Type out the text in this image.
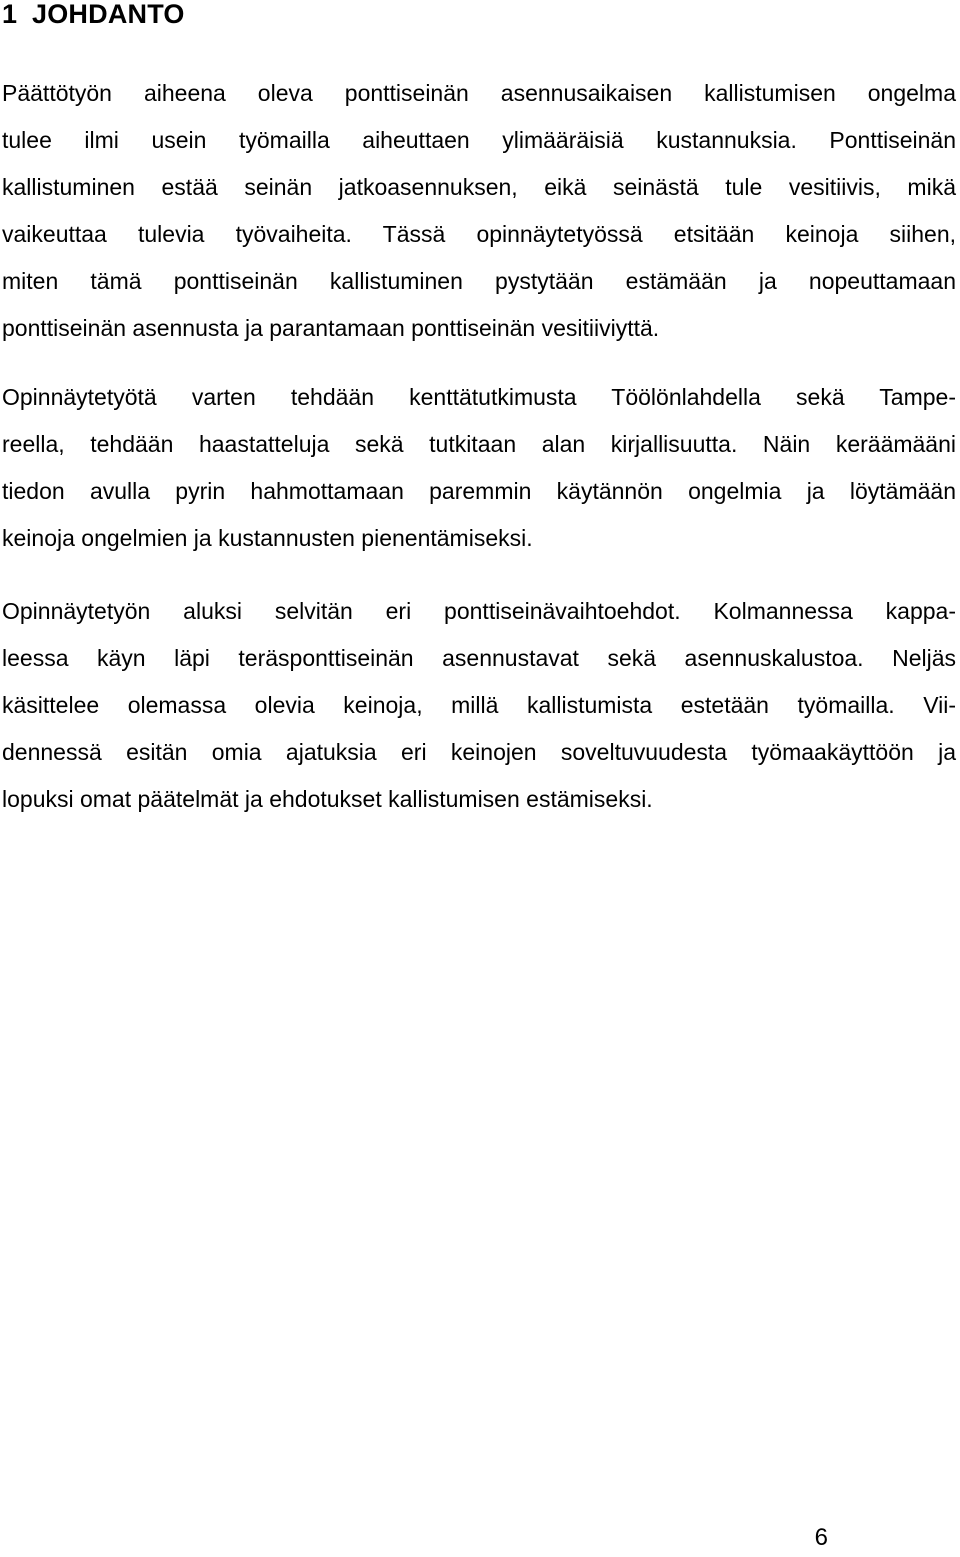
1 JOHDANTO
Päättötyön aiheena oleva ponttiseinän asennusaikaisen kallistumisen ongelma
tulee ilmi usein työmailla aiheuttaen ylimääräisiä kustannuksia. Ponttiseinän
kallistuminen estää seinän jatkoasennuksen, eikä seinästä tule vesitiivis, mikä
vaikeuttaa tulevia työvaiheita. Tässä opinnäytetyössä etsitään keinoja siihen,
miten tämä ponttiseinän kallistuminen pystytään estämään ja nopeuttamaan
ponttiseinän asennusta ja parantamaan ponttiseinän vesitiiviyttä.
Opinnäytetyötä varten tehdään kenttätutkimusta Töölönlahdella sekä Tampe-
reella, tehdään haastatteluja sekä tutkitaan alan kirjallisuutta. Näin keräämääni
tiedon avulla pyrin hahmottamaan paremmin käytännön ongelmia ja löytämään
keinoja ongelmien ja kustannusten pienentämiseksi.
Opinnäytetyön aluksi selvitän eri ponttiseinävaihtoehdot. Kolmannessa kappa-
leessa käyn läpi teräsponttiseinän asennustavat sekä asennuskalustoa. Neljäs
käsittelee olemassa olevia keinoja, millä kallistumista estetään työmailla. Vii-
dennessä esitän omia ajatuksia eri keinojen soveltuvuudesta työmaakäyttöön ja
lopuksi omat päätelmät ja ehdotukset kallistumisen estämiseksi.

6
